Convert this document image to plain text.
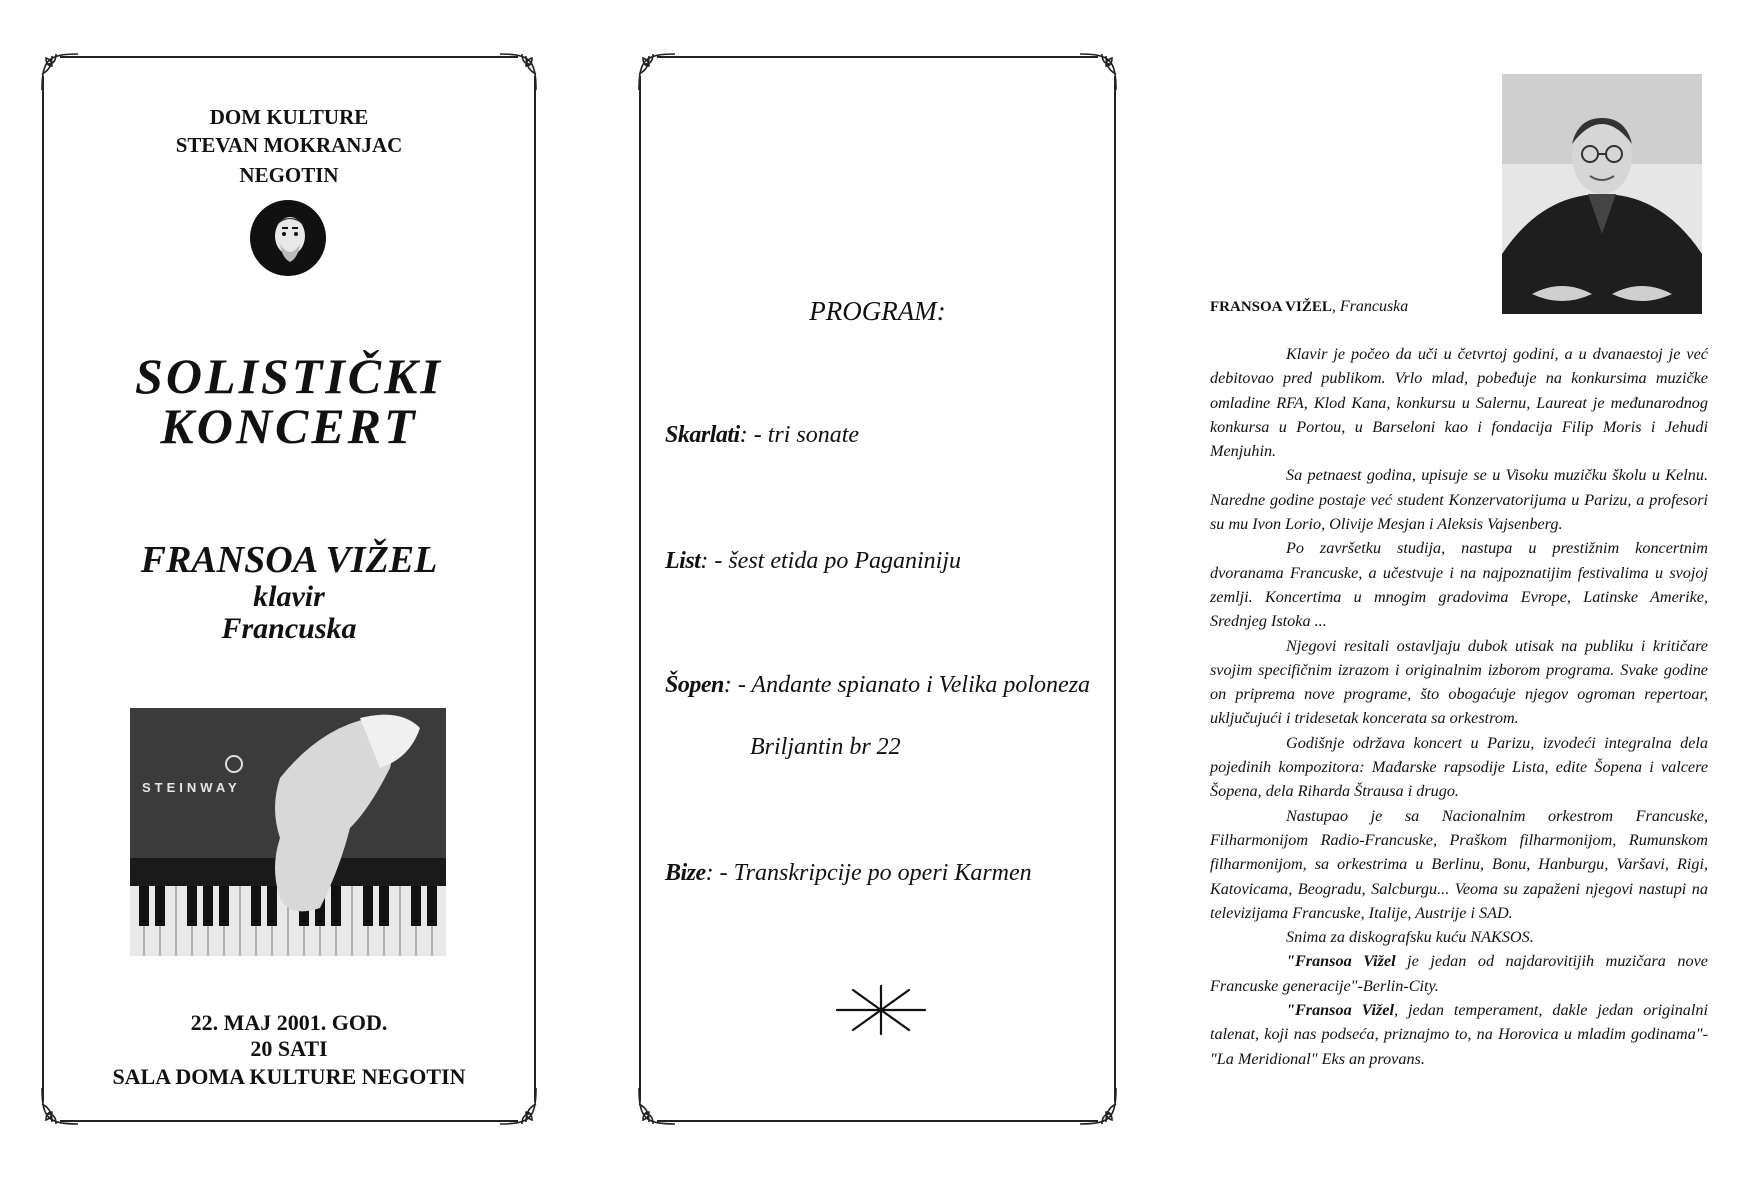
DOM KULTURE
STEVAN MOKRANJAC
NEGOTIN
SOLISTIČKI
KONCERT
FRANSOA VIŽEL
klavir
Francuska
STEINWAY
22. MAJ 2001. GOD.
20 SATI
SALA DOMA KULTURE NEGOTIN
PROGRAM:
Skarlati: - tri sonate
List: - šest etida po Paganiniju
Šopen: - Andante spianato i Velika poloneza
Briljantin br 22
Bize: - Transkripcije po operi Karmen
FRANSOA VIŽEL, Francuska

Klavir je počeo da uči u četvrtoj godini, a u dvanaestoj je već debitovao pred publikom. Vrlo mlad, pobeđuje na konkursima muzičke omladine RFA, Klod Kana, konkursu u Salernu, Laureat je međunarodnog konkursa u Portou, u Barseloni kao i fondacija Filip Moris i Jehudi Menjuhin.

Sa petnaest godina, upisuje se u Visoku muzičku školu u Kelnu. Naredne godine postaje već student Konzervatorijuma u Parizu, a profesori su mu Ivon Lorio, Olivije Mesjan i Aleksis Vajsenberg.

Po završetku studija, nastupa u prestižnim koncertnim dvoranama Francuske, a učestvuje i na najpoznatijim festivalima u svojoj zemlji. Koncertima u mnogim gradovima Evrope, Latinske Amerike, Srednjeg Istoka ...

Njegovi resitali ostavljaju dubok utisak na publiku i kritičare svojim specifičnim izrazom i originalnim izborom programa. Svake godine on priprema nove programe, što obogaćuje njegov ogroman repertoar, uključujući i tridesetak koncerata sa orkestrom.

Godišnje održava koncert u Parizu, izvodeći integralna dela pojedinih kompozitora: Mađarske rapsodije Lista, edite Šopena i valcere Šopena, dela Riharda Štrausa i drugo.

Nastupao je sa Nacionalnim orkestrom Francuske, Filharmonijom Radio-Francuske, Praškom filharmonijom, Rumunskom filharmonijom, sa orkestrima u Berlinu, Bonu, Hanburgu, Varšavi, Rigi, Katovicama, Beogradu, Salcburgu... Veoma su zapaženi njegovi nastupi na televizijama Francuske, Italije, Austrije i SAD.

Snima za diskografsku kuću NAKSOS.

"Fransoa Vižel je jedan od najdarovitijih muzičara nove Francuske generacije"-Berlin-City.

"Fransoa Vižel, jedan temperament, dakle jedan originalni talenat, koji nas podseća, priznajmo to, na Horovica u mladim godinama"- "La Meridional" Eks an provans.
